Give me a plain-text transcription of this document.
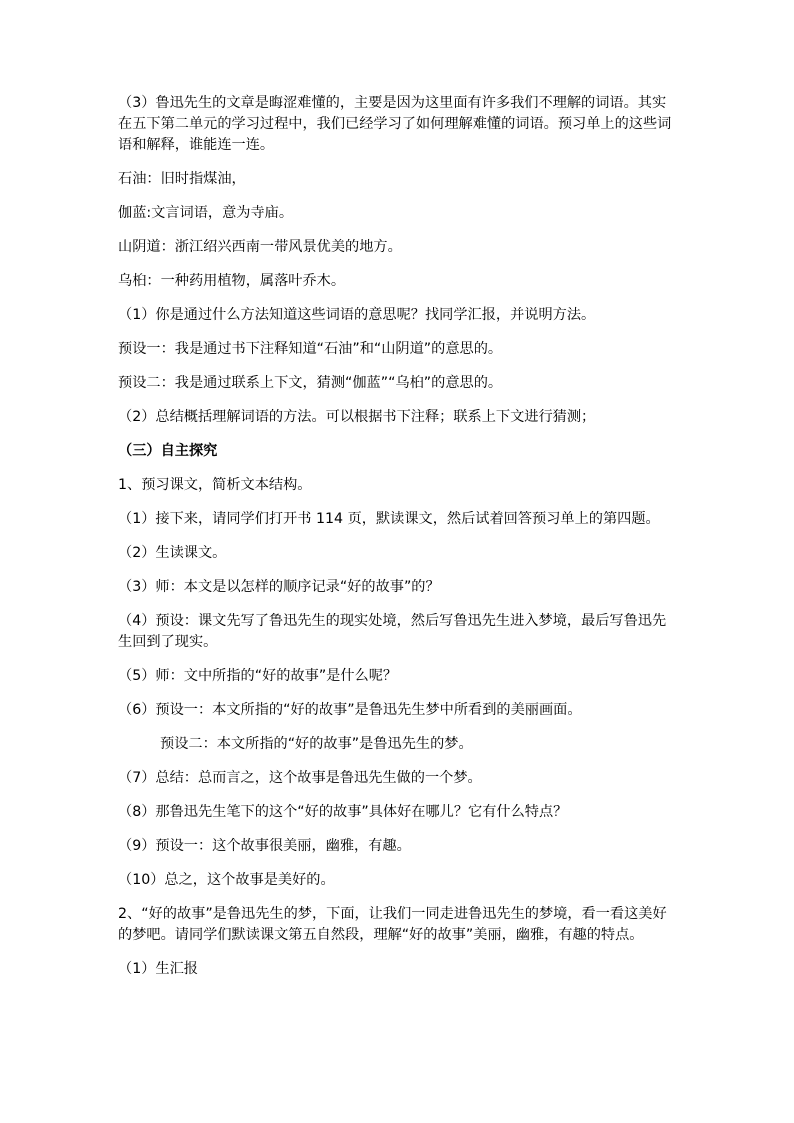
（3）鲁迅先生的文章是晦涩难懂的，主要是因为这里面有许多我们不理解的词语。其实在五下第二单元的学习过程中，我们已经学习了如何理解难懂的词语。预习单上的这些词语和解释，谁能连一连。

石油：旧时指煤油，

伽蓝:文言词语，意为寺庙。

山阴道：浙江绍兴西南一带风景优美的地方。

乌桕：一种药用植物，属落叶乔木。

（1）你是通过什么方法知道这些词语的意思呢？找同学汇报，并说明方法。

预设一：我是通过书下注释知道“石油”和“山阴道”的意思的。

预设二：我是通过联系上下文，猜测“伽蓝”“乌桕”的意思的。

（2）总结概括理解词语的方法。可以根据书下注释；联系上下文进行猜测；

（三）自主探究

1、预习课文，简析文本结构。

（1）接下来，请同学们打开书 114 页，默读课文，然后试着回答预习单上的第四题。

（2）生读课文。

（3）师：本文是以怎样的顺序记录“好的故事”的？

（4）预设：课文先写了鲁迅先生的现实处境，然后写鲁迅先生进入梦境，最后写鲁迅先生回到了现实。

（5）师：文中所指的“好的故事”是什么呢？

（6）预设一：本文所指的“好的故事”是鲁迅先生梦中所看到的美丽画面。

预设二：本文所指的“好的故事”是鲁迅先生的梦。

（7）总结：总而言之，这个故事是鲁迅先生做的一个梦。

（8）那鲁迅先生笔下的这个“好的故事”具体好在哪儿？它有什么特点？

（9）预设一：这个故事很美丽，幽雅，有趣。

（10）总之，这个故事是美好的。

2、“好的故事”是鲁迅先生的梦，下面，让我们一同走进鲁迅先生的梦境，看一看这美好的梦吧。请同学们默读课文第五自然段，理解“好的故事”美丽，幽雅，有趣的特点。

（1）生汇报
